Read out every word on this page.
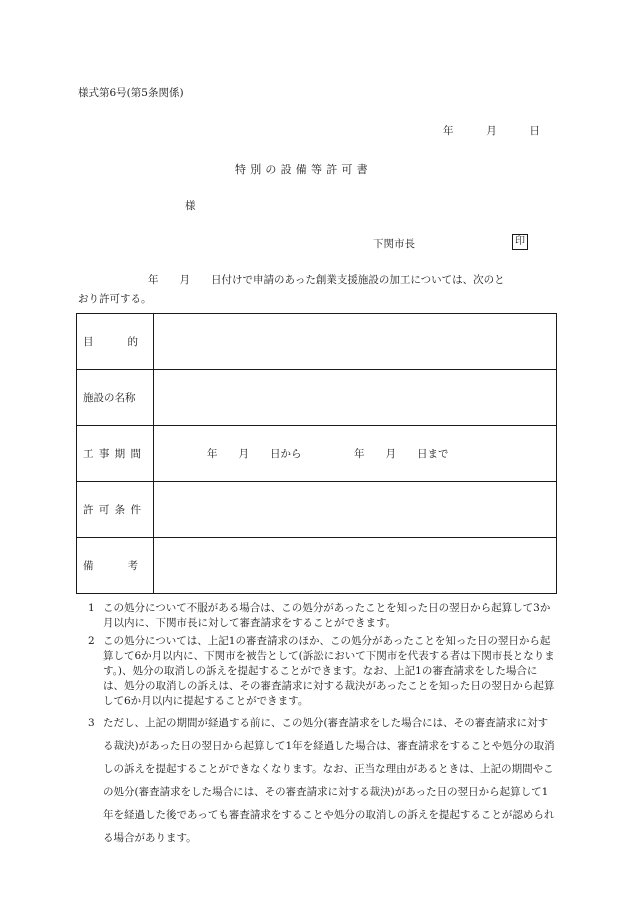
様式第6号(第5条関係)
年	月	日
特別の設備等許可書
様
下関市長	印
年　　月　　日付けで申請のあった創業支援施設の加工については、次のと
おり許可する。
目 的	

施設の名称	

工 事 期 間	年　　月　　日から　　　　　年　　月　　日まで

許 可 条 件	

備 考	

1 この処分について不服がある場合は、この処分があったことを知った日の翌日から起算して3か月以内に、下関市長に対して審査請求をすることができます。
2 この処分については、上記1の審査請求のほか、この処分があったことを知った日の翌日から起算して6か月以内に、下関市を被告として(訴訟において下関市を代表する者は下関市長となります。)、処分の取消しの訴えを提起することができます。なお、上記1の審査請求をした場合には、処分の取消しの訴えは、その審査請求に対する裁決があったことを知った日の翌日から起算して6か月以内に提起することができます。
3 ただし、上記の期間が経過する前に、この処分(審査請求をした場合には、その審査請求に対する裁決)があった日の翌日から起算して1年を経過した場合は、審査請求をすることや処分の取消しの訴えを提起することができなくなります。なお、正当な理由があるときは、上記の期間やこの処分(審査請求をした場合には、その審査請求に対する裁決)があった日の翌日から起算して1年を経過した後であっても審査請求をすることや処分の取消しの訴えを提起することが認められる場合があります。
